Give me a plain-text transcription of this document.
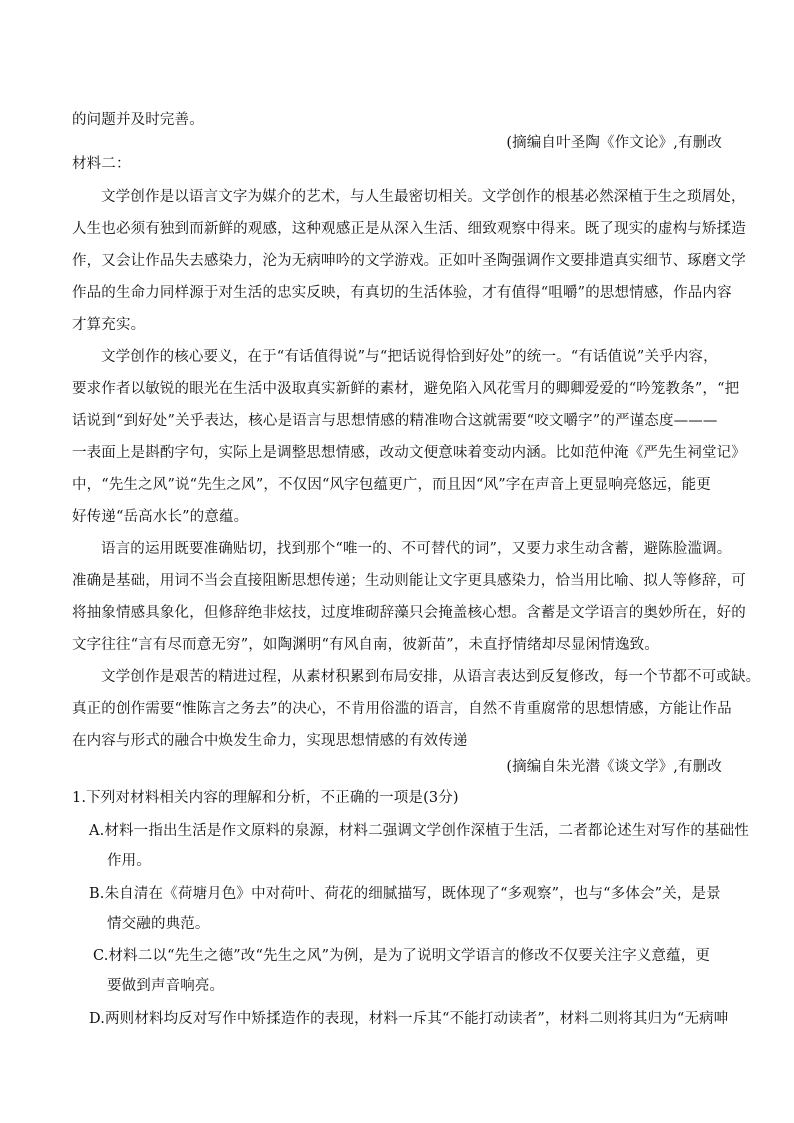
的问题并及时完善。
(摘编自叶圣陶《作文论》,有删改
材料二：
文学创作是以语言文字为媒介的艺术，与人生最密切相关。文学创作的根基必然深植于生之琐屑处，
人生也必须有独到而新鲜的观感，这种观感正是从深入生活、细致观察中得来。既了现实的虚构与矫揉造
作，又会让作品失去感染力，沦为无病呻吟的文学游戏。正如叶圣陶强调作文要排遣真实细节、琢磨文学
作品的生命力同样源于对生活的忠实反映，有真切的生活体验，才有值得“咀嚼”的思想情感，作品内容
才算充实。
文学创作的核心要义，在于“有话值得说”与“把话说得恰到好处”的统一。“有话值说”关乎内容，
要求作者以敏锐的眼光在生活中汲取真实新鲜的素材，避免陷入风花雪月的卿卿爱爱的“吟笼教条”，“把
话说到“到好处”关乎表达，核心是语言与思想情感的精准吻合这就需要“咬文嚼字”的严谨态度———
一表面上是斟酌字句，实际上是调整思想情感，改动文便意味着变动内涵。比如范仲淹《严先生祠堂记》
中，“先生之风”说“先生之风”，不仅因“风字包蕴更广，而且因“风”字在声音上更显响亮悠远，能更
好传递“岳高水长”的意蕴。
语言的运用既要准确贴切，找到那个“唯一的、不可替代的词”，又要力求生动含蓄，避陈脸滥调。
准确是基础，用词不当会直接阻断思想传递；生动则能让文字更具感染力，恰当用比喻、拟人等修辞，可
将抽象情感具象化，但修辞绝非炫技，过度堆砌辞藻只会掩盖核心想。含蓄是文学语言的奥妙所在，好的
文字往往“言有尽而意无穷”，如陶渊明“有风自南，彼新苗”，未直抒情绪却尽显闲情逸致。
文学创作是艰苦的精进过程，从素材积累到布局安排，从语言表达到反复修改，每一个节都不可或缺。
真正的创作需要“惟陈言之务去”的决心，不肯用俗滥的语言，自然不肯重腐常的思想情感，方能让作品
在内容与形式的融合中焕发生命力，实现思想情感的有效传递
(摘编自朱光潜《谈文学》,有删改
1.下列对材料相关内容的理解和分析，不正确的一项是(3分)
A.材料一指出生活是作文原料的泉源，材料二强调文学创作深植于生活，二者都论述生对写作的基础性
作用。
B.朱自清在《荷塘月色》中对荷叶、荷花的细腻描写，既体现了“多观察”，也与“多体会”关，是景
情交融的典范。
C.材料二以“先生之德”改“先生之风”为例，是为了说明文学语言的修改不仅要关注字义意蕴，更
要做到声音响亮。
D.两则材料均反对写作中矫揉造作的表现，材料一斥其“不能打动读者”，材料二则将其归为“无病呻
